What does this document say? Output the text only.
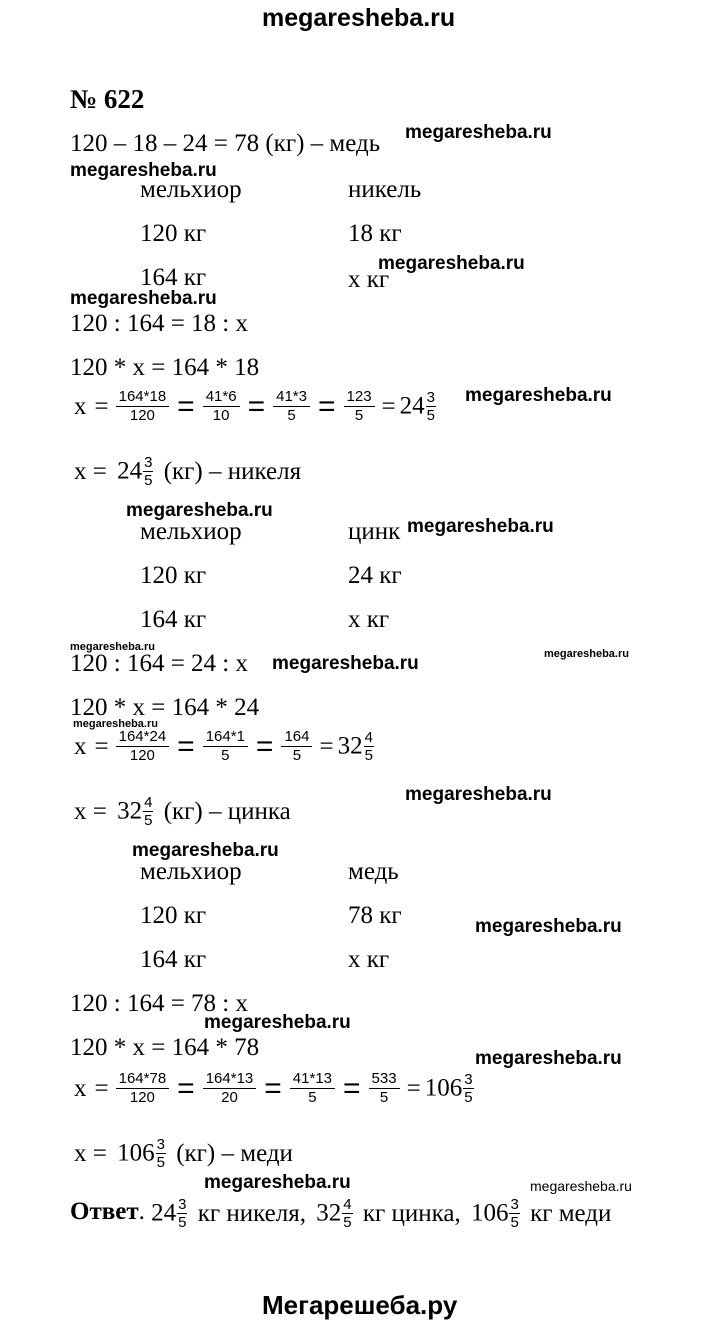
megaresheba.ru
Мегарешеба.ру
№ 622
120 – 18 – 24 = 78 (кг) – медь
мельхиор	никель
120 кг	18 кг
164 кг	x кг
120 : 164 = 18 : x
120 * x = 164 * 18
$x = \frac{164*18}{120} = \frac{41*6}{10} = \frac{41*3}{5} = \frac{123}{5} = 24 \frac{3}{5}$
$x = 24 \frac{3}{5} (кг)$ – никеля
мельхиор	цинк
120 кг	24 кг
164 кг	x кг
120 : 164 = 24 : x
120 * x = 164 * 24
$x = \frac{164*24}{120} = \frac{164*1}{5} = \frac{164}{5} = 32 \frac{4}{5}$
$x = 32 \frac{4}{5} (кг)$ – цинка
мельхиор	медь
120 кг	78 кг
164 кг	x кг
120 : 164 = 78 : x
120 * x = 164 * 78
$x = \frac{164*78}{120} = \frac{164*13}{20} = \frac{41*13}{5} = \frac{533}{5} = 106 \frac{3}{5}$
$x = 106 \frac{3}{5} (кг)$ – меди
Ответ. $24 \frac{3}{5}$ кг никеля, $32 \frac{4}{5}$ кг цинка, $106 \frac{3}{5}$ кг меди
megaresheba.ru
megaresheba.ru
megaresheba.ru
megaresheba.ru
megaresheba.ru
megaresheba.ru
megaresheba.ru
megaresheba.ru
megaresheba.ru
megaresheba.ru
megaresheba.ru
megaresheba.ru
megaresheba.ru
megaresheba.ru
megaresheba.ru
megaresheba.ru
megaresheba.ru
megaresheba.ru
